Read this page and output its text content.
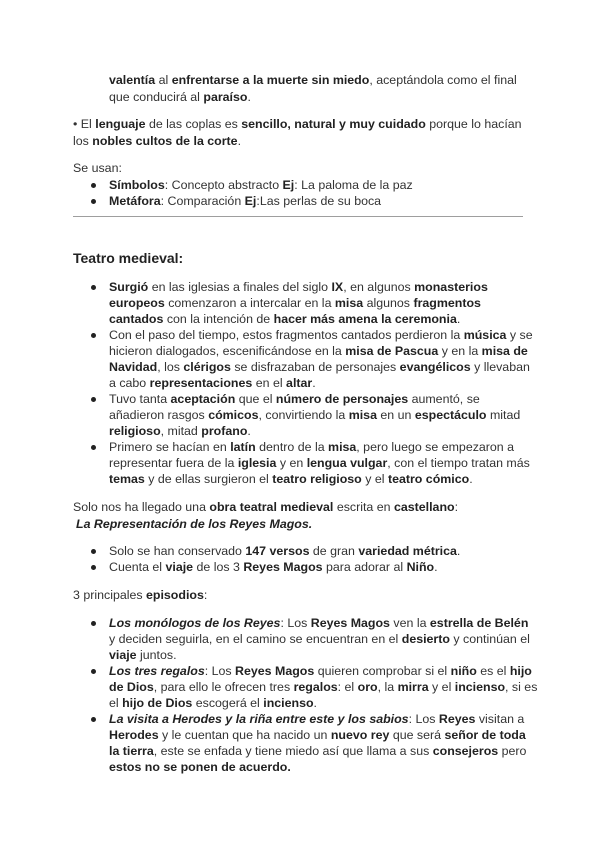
valentía al enfrentarse a la muerte sin miedo, aceptándola como el final

que conducirá al paraíso.

• El lenguaje de las coplas es sencillo, natural y muy cuidado porque lo hacían

los nobles cultos de la corte.

Se usan:

Símbolos: Concepto abstracto Ej: La paloma de la paz
Metáfora: Comparación Ej:Las perlas de su boca

Teatro medieval:

Surgió en las iglesias a finales del siglo IX, en algunos monasterios
europeos comenzaron a intercalar en la misa algunos fragmentos
cantados con la intención de hacer más amena la ceremonia.
Con el paso del tiempo, estos fragmentos cantados perdieron la música y se
hicieron dialogados, escenificándose en la misa de Pascua y en la misa de
Navidad, los clérigos se disfrazaban de personajes evangélicos y llevaban
a cabo representaciones en el altar.
Tuvo tanta aceptación que el número de personajes aumentó, se
añadieron rasgos cómicos, convirtiendo la misa en un espectáculo mitad
religioso, mitad profano.
Primero se hacían en latín dentro de la misa, pero luego se empezaron a
representar fuera de la iglesia y en lengua vulgar, con el tiempo tratan más
temas y de ellas surgieron el teatro religioso y el teatro cómico.

Solo nos ha llegado una obra teatral medieval escrita en castellano:

La Representación de los Reyes Magos.

Solo se han conservado 147 versos de gran variedad métrica.
Cuenta el viaje de los 3 Reyes Magos para adorar al Niño.

3 principales episodios:

Los monólogos de los Reyes: Los Reyes Magos ven la estrella de Belén
y deciden seguirla, en el camino se encuentran en el desierto y continúan el
viaje juntos.
Los tres regalos: Los Reyes Magos quieren comprobar si el niño es el hijo
de Dios, para ello le ofrecen tres regalos: el oro, la mirra y el incienso, si es
el hijo de Dios escogerá el incienso.
La visita a Herodes y la riña entre este y los sabios: Los Reyes visitan a
Herodes y le cuentan que ha nacido un nuevo rey que será señor de toda
la tierra, este se enfada y tiene miedo así que llama a sus consejeros pero
estos no se ponen de acuerdo.
